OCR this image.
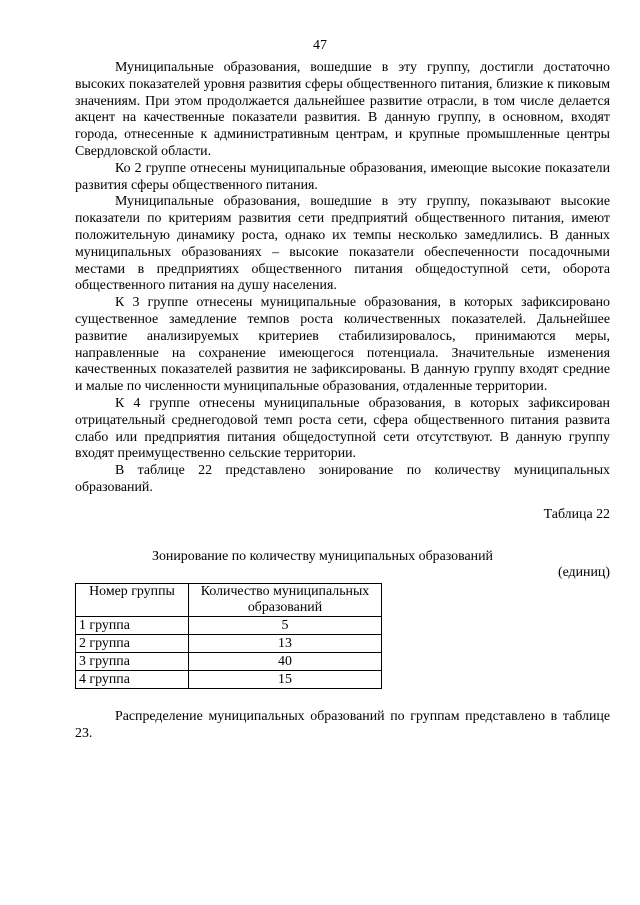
47

Муниципальные образования, вошедшие в эту группу, достигли достаточно высоких показателей уровня развития сферы общественного питания, близкие к пиковым значениям. При этом продолжается дальнейшее развитие отрасли, в том числе делается акцент на качественные показатели развития. В данную группу, в основном, входят города, отнесенные к административным центрам, и крупные промышленные центры Свердловской области.

Ко 2 группе отнесены муниципальные образования, имеющие высокие показатели развития сферы общественного питания.

Муниципальные образования, вошедшие в эту группу, показывают высокие показатели по критериям развития сети предприятий общественного питания, имеют положительную динамику роста, однако их темпы несколько замедлились. В данных муниципальных образованиях – высокие показатели обеспеченности посадочными местами в предприятиях общественного питания общедоступной сети, оборота общественного питания на душу населения.

К 3 группе отнесены муниципальные образования, в которых зафиксировано существенное замедление темпов роста количественных показателей. Дальнейшее развитие анализируемых критериев стабилизировалось, принимаются меры, направленные на сохранение имеющегося потенциала. Значительные изменения качественных показателей развития не зафиксированы. В данную группу входят средние и малые по численности муниципальные образования, отдаленные территории.

К 4 группе отнесены муниципальные образования, в которых зафиксирован отрицательный среднегодовой темп роста сети, сфера общественного питания развита слабо или предприятия питания общедоступной сети отсутствуют. В данную группу входят преимущественно сельские территории.

В таблице 22 представлено зонирование по количеству муниципальных образований.

Таблица 22
Зонирование по количеству муниципальных образований
(единиц)
Номер группы	Количество муниципальных образований
1 группа	5
2 группа	13
3 группа	40
4 группа	15

Распределение муниципальных образований по группам представлено в таблице 23.
